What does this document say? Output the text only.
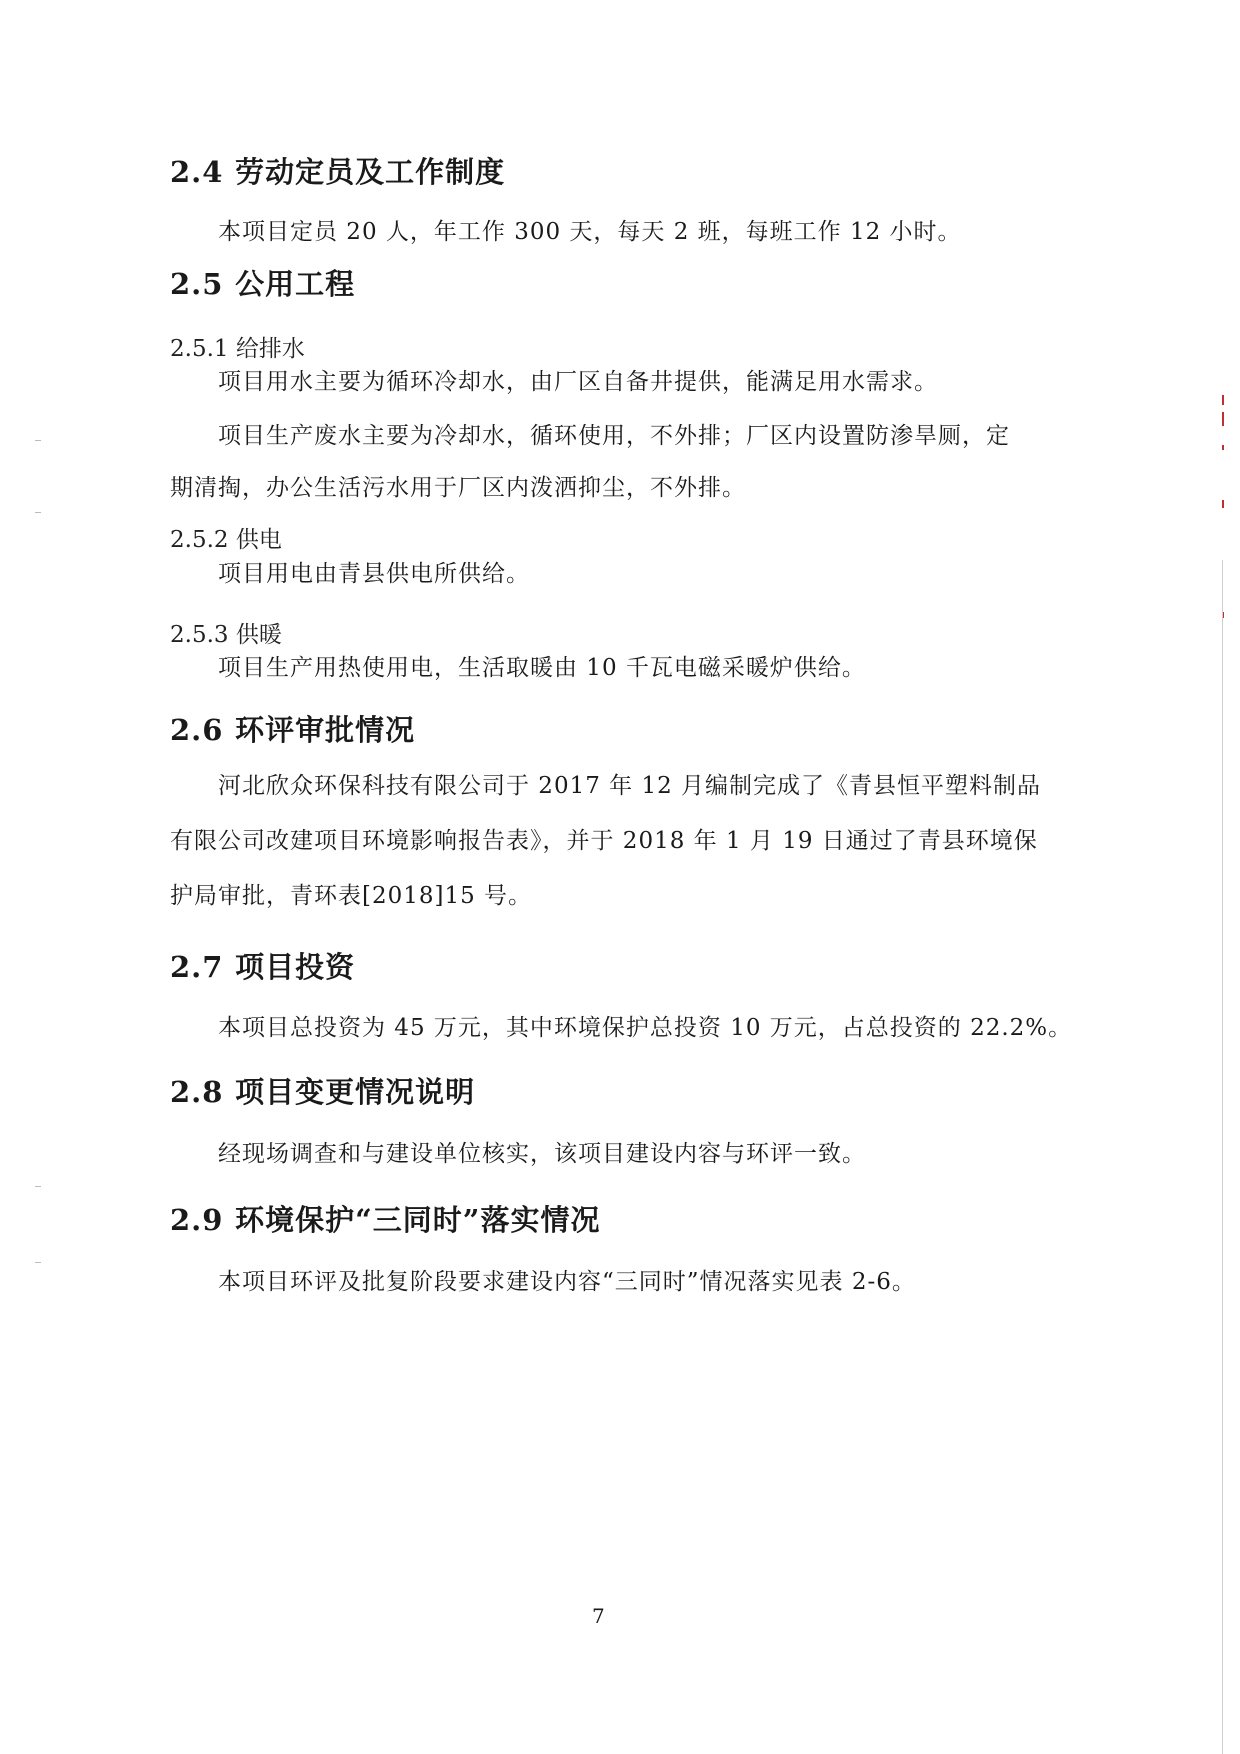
2.4 劳动定员及工作制度
本项目定员 20 人，年工作 300 天，每天 2 班，每班工作 12 小时。
2.5 公用工程
2.5.1 给排水
项目用水主要为循环冷却水，由厂区自备井提供，能满足用水需求。
项目生产废水主要为冷却水，循环使用，不外排；厂区内设置防渗旱厕，定
期清掏，办公生活污水用于厂区内泼洒抑尘，不外排。
2.5.2 供电
项目用电由青县供电所供给。
2.5.3 供暖
项目生产用热使用电，生活取暖由 10 千瓦电磁采暖炉供给。
2.6 环评审批情况
河北欣众环保科技有限公司于 2017 年 12 月编制完成了《青县恒平塑料制品
有限公司改建项目环境影响报告表》，并于 2018 年 1 月 19 日通过了青县环境保
护局审批，青环表[2018]15 号。
2.7 项目投资
本项目总投资为 45 万元，其中环境保护总投资 10 万元，占总投资的 22.2%。
2.8 项目变更情况说明
经现场调查和与建设单位核实，该项目建设内容与环评一致。
2.9 环境保护“三同时”落实情况
本项目环评及批复阶段要求建设内容“三同时”情况落实见表 2-6。
7
